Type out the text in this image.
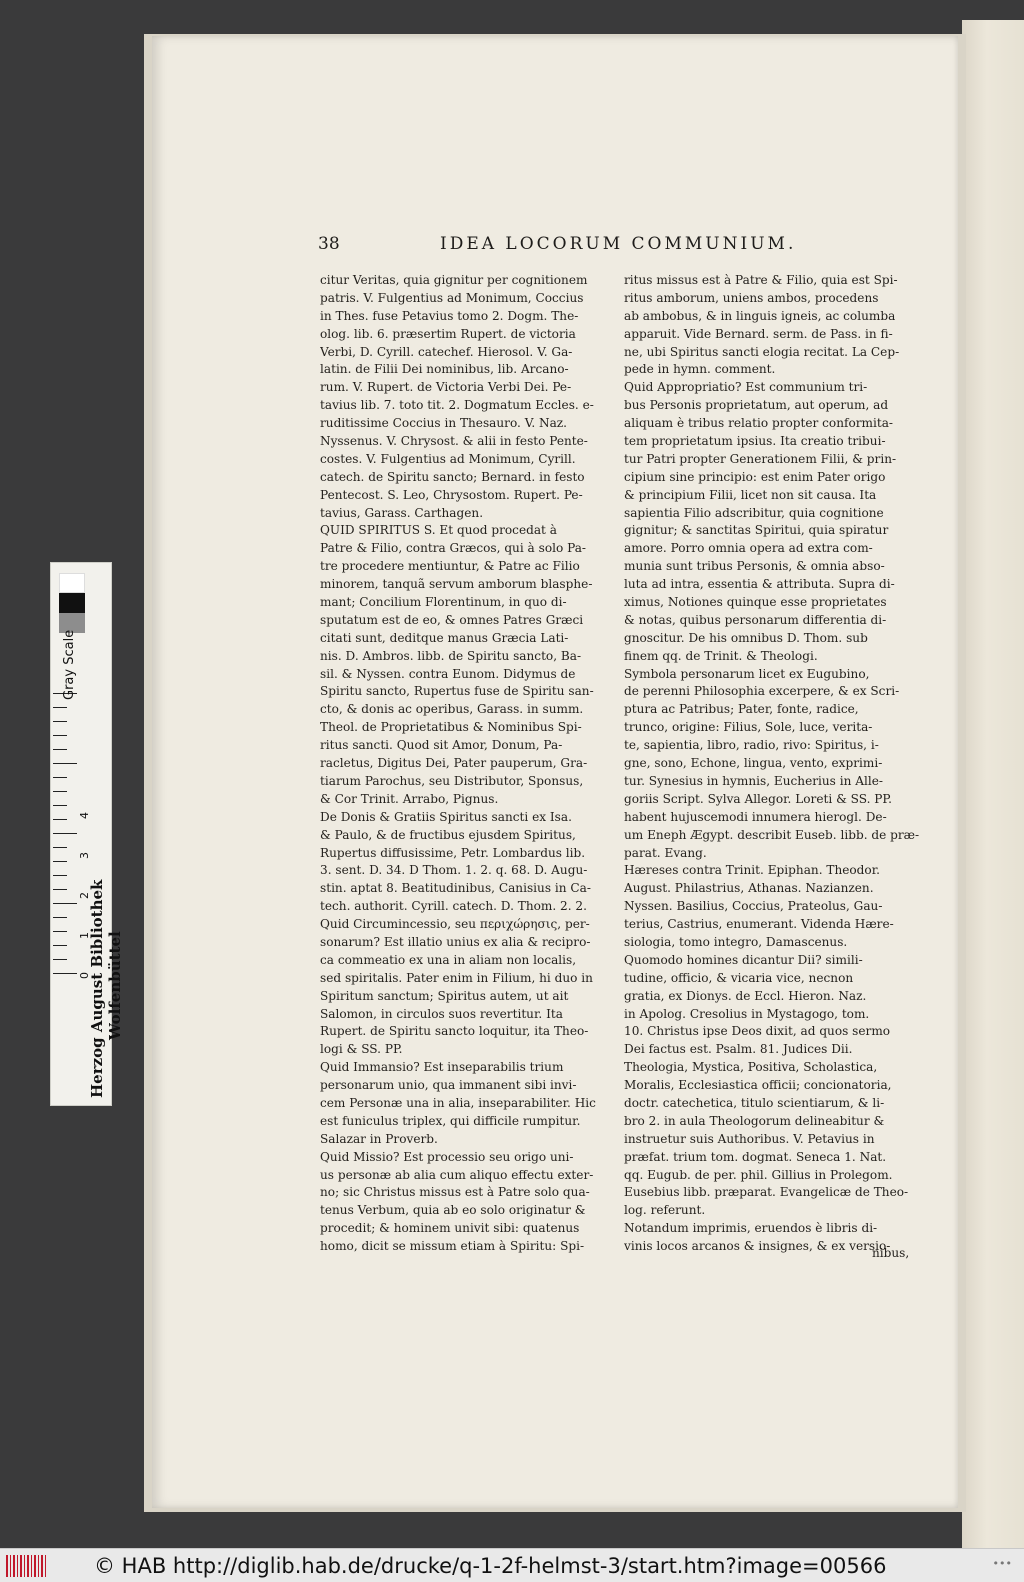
38	IDEA LOCORUM COMMUNIUM.
citur Veritas, quia gignitur per cognitionem
patris. V. Fulgentius ad Monimum, Coccius
in Thes. fuse Petavius tomo 2. Dogm. The-
olog. lib. 6. præsertim Rupert. de victoria
Verbi, D. Cyrill. catechef. Hierosol. V. Ga-
latin. de Filii Dei nominibus, lib. Arcano-
rum. V. Rupert. de Victoria Verbi Dei. Pe-
tavius lib. 7. toto tit. 2. Dogmatum Eccles. e-
ruditissime Coccius in Thesauro. V. Naz.
Nyssenus. V. Chrysost. & alii in festo Pente-
costes. V. Fulgentius ad Monimum, Cyrill.
catech. de Spiritu sancto; Bernard. in festo
Pentecost. S. Leo, Chrysostom. Rupert. Pe-
tavius, Garass. Carthagen.
QUID SPIRITUS S. Et quod procedat à
Patre & Filio, contra Græcos, qui à solo Pa-
tre procedere mentiuntur, & Patre ac Filio
minorem, tanquã servum amborum blasphe-
mant; Concilium Florentinum, in quo di-
sputatum est de eo, & omnes Patres Græci
citati sunt, deditque manus Græcia Lati-
nis. D. Ambros. libb. de Spiritu sancto, Ba-
sil. & Nyssen. contra Eunom. Didymus de
Spiritu sancto, Rupertus fuse de Spiritu san-
cto, & donis ac operibus, Garass. in summ.
Theol. de Proprietatibus & Nominibus Spi-
ritus sancti. Quod sit Amor, Donum, Pa-
racletus, Digitus Dei, Pater pauperum, Gra-
tiarum Parochus, seu Distributor, Sponsus,
& Cor Trinit. Arrabo, Pignus.
De Donis & Gratiis Spiritus sancti ex Isa.
& Paulo, & de fructibus ejusdem Spiritus,
Rupertus diffusissime, Petr. Lombardus lib.
3. sent. D. 34. D Thom. 1. 2. q. 68. D. Augu-
stin. aptat 8. Beatitudinibus, Canisius in Ca-
tech. authorit. Cyrill. catech. D. Thom. 2. 2.
Quid Circumincessio, seu περιχώρησις, per-
sonarum? Est illatio unius ex alia & recipro-
ca commeatio ex una in aliam non localis,
sed spiritalis. Pater enim in Filium, hi duo in
Spiritum sanctum; Spiritus autem, ut ait
Salomon, in circulos suos revertitur. Ita
Rupert. de Spiritu sancto loquitur, ita Theo-
logi & SS. PP.
Quid Immansio? Est inseparabilis trium
personarum unio, qua immanent sibi invi-
cem Personæ una in alia, inseparabiliter. Hic
est funiculus triplex, qui difficile rumpitur.
Salazar in Proverb.
Quid Missio? Est processio seu origo uni-
us personæ ab alia cum aliquo effectu exter-
no; sic Christus missus est à Patre solo qua-
tenus Verbum, quia ab eo solo originatur &
procedit; & hominem univit sibi: quatenus
homo, dicit se missum etiam à Spiritu: Spi-
ritus missus est à Patre & Filio, quia est Spi-
ritus amborum, uniens ambos, procedens
ab ambobus, & in linguis igneis, ac columba
apparuit. Vide Bernard. serm. de Pass. in fi-
ne, ubi Spiritus sancti elogia recitat. La Cep-
pede in hymn. comment.
Quid Appropriatio? Est communium tri-
bus Personis proprietatum, aut operum, ad
aliquam è tribus relatio propter conformita-
tem proprietatum ipsius. Ita creatio tribui-
tur Patri propter Generationem Filii, & prin-
cipium sine principio: est enim Pater origo
& principium Filii, licet non sit causa. Ita
sapientia Filio adscribitur, quia cognitione
gignitur; & sanctitas Spiritui, quia spiratur
amore. Porro omnia opera ad extra com-
munia sunt tribus Personis, & omnia abso-
luta ad intra, essentia & attributa. Supra di-
ximus, Notiones quinque esse proprietates
& notas, quibus personarum differentia di-
gnoscitur. De his omnibus D. Thom. sub
finem qq. de Trinit. & Theologi.
Symbola personarum licet ex Eugubino,
de perenni Philosophia excerpere, & ex Scri-
ptura ac Patribus; Pater, fonte, radice,
trunco, origine: Filius, Sole, luce, verita-
te, sapientia, libro, radio, rivo: Spiritus, i-
gne, sono, Echone, lingua, vento, exprimi-
tur. Synesius in hymnis, Eucherius in Alle-
goriis Script. Sylva Allegor. Loreti & SS. PP.
habent hujuscemodi innumera hierogl. De-
um Eneph Ægypt. describit Euseb. libb. de præ-
parat. Evang.
Hæreses contra Trinit. Epiphan. Theodor.
August. Philastrius, Athanas. Nazianzen.
Nyssen. Basilius, Coccius, Prateolus, Gau-
terius, Castrius, enumerant. Videnda Hære-
siologia, tomo integro, Damascenus.
Quomodo homines dicantur Dii? simili-
tudine, officio, & vicaria vice, necnon
gratia, ex Dionys. de Eccl. Hieron. Naz.
in Apolog. Cresolius in Mystagogo, tom.
10. Christus ipse Deos dixit, ad quos sermo
Dei factus est. Psalm. 81. Judices Dii.
Theologia, Mystica, Positiva, Scholastica,
Moralis, Ecclesiastica officii; concionatoria,
doctr. catechetica, titulo scientiarum, & li-
bro 2. in aula Theologorum delineabitur &
instruetur suis Authoribus. V. Petavius in
præfat. trium tom. dogmat. Seneca 1. Nat.
qq. Eugub. de per. phil. Gillius in Prolegom.
Eusebius libb. præparat. Evangelicæ de Theo-
log. referunt.
Notandum imprimis, eruendos è libris di-
vinis locos arcanos & insignes, & ex versio-
nibus,
0
1
2
3
4
Gray Scale
Herzog August Bibliothek Wolfenbüttel
© HAB http://diglib.hab.de/drucke/q-1-2f-helmst-3/start.htm?image=00566	•••
